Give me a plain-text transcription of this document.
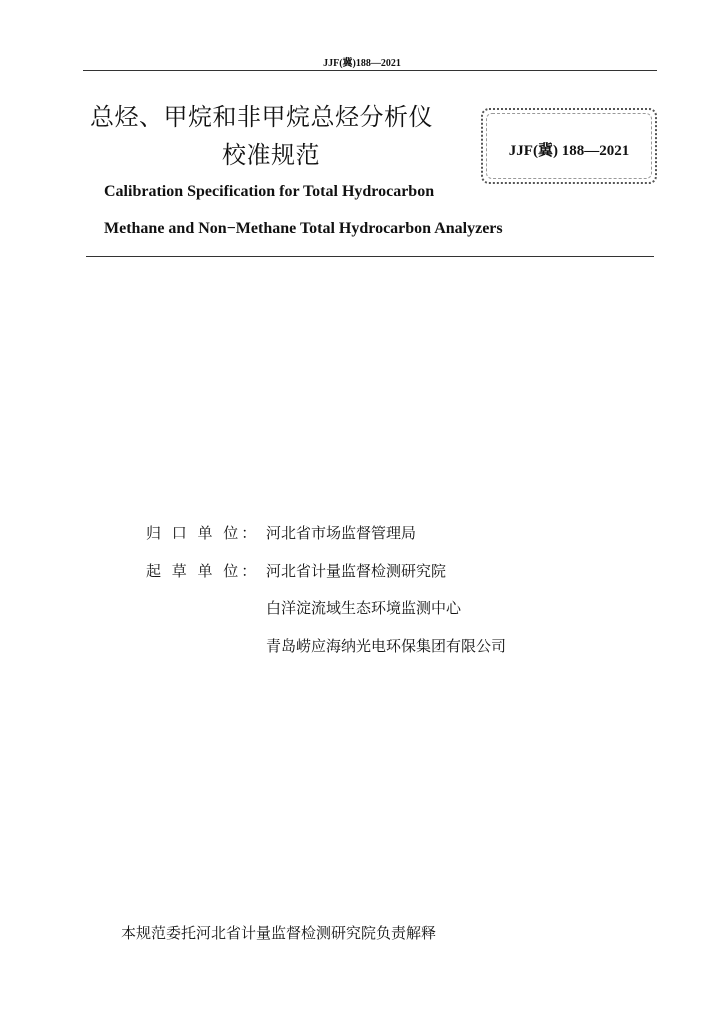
JJF(冀)188—2021
总烃、甲烷和非甲烷总烃分析仪
校准规范	JJF(冀) 188—2021
Calibration Specification for Total Hydrocarbon
Methane and Non−Methane Total Hydrocarbon Analyzers
归 口 单 位： 河北省市场监督管理局
起 草 单 位： 河北省计量监督检测研究院
白洋淀流域生态环境监测中心
青岛崂应海纳光电环保集团有限公司
本规范委托河北省计量监督检测研究院负责解释
